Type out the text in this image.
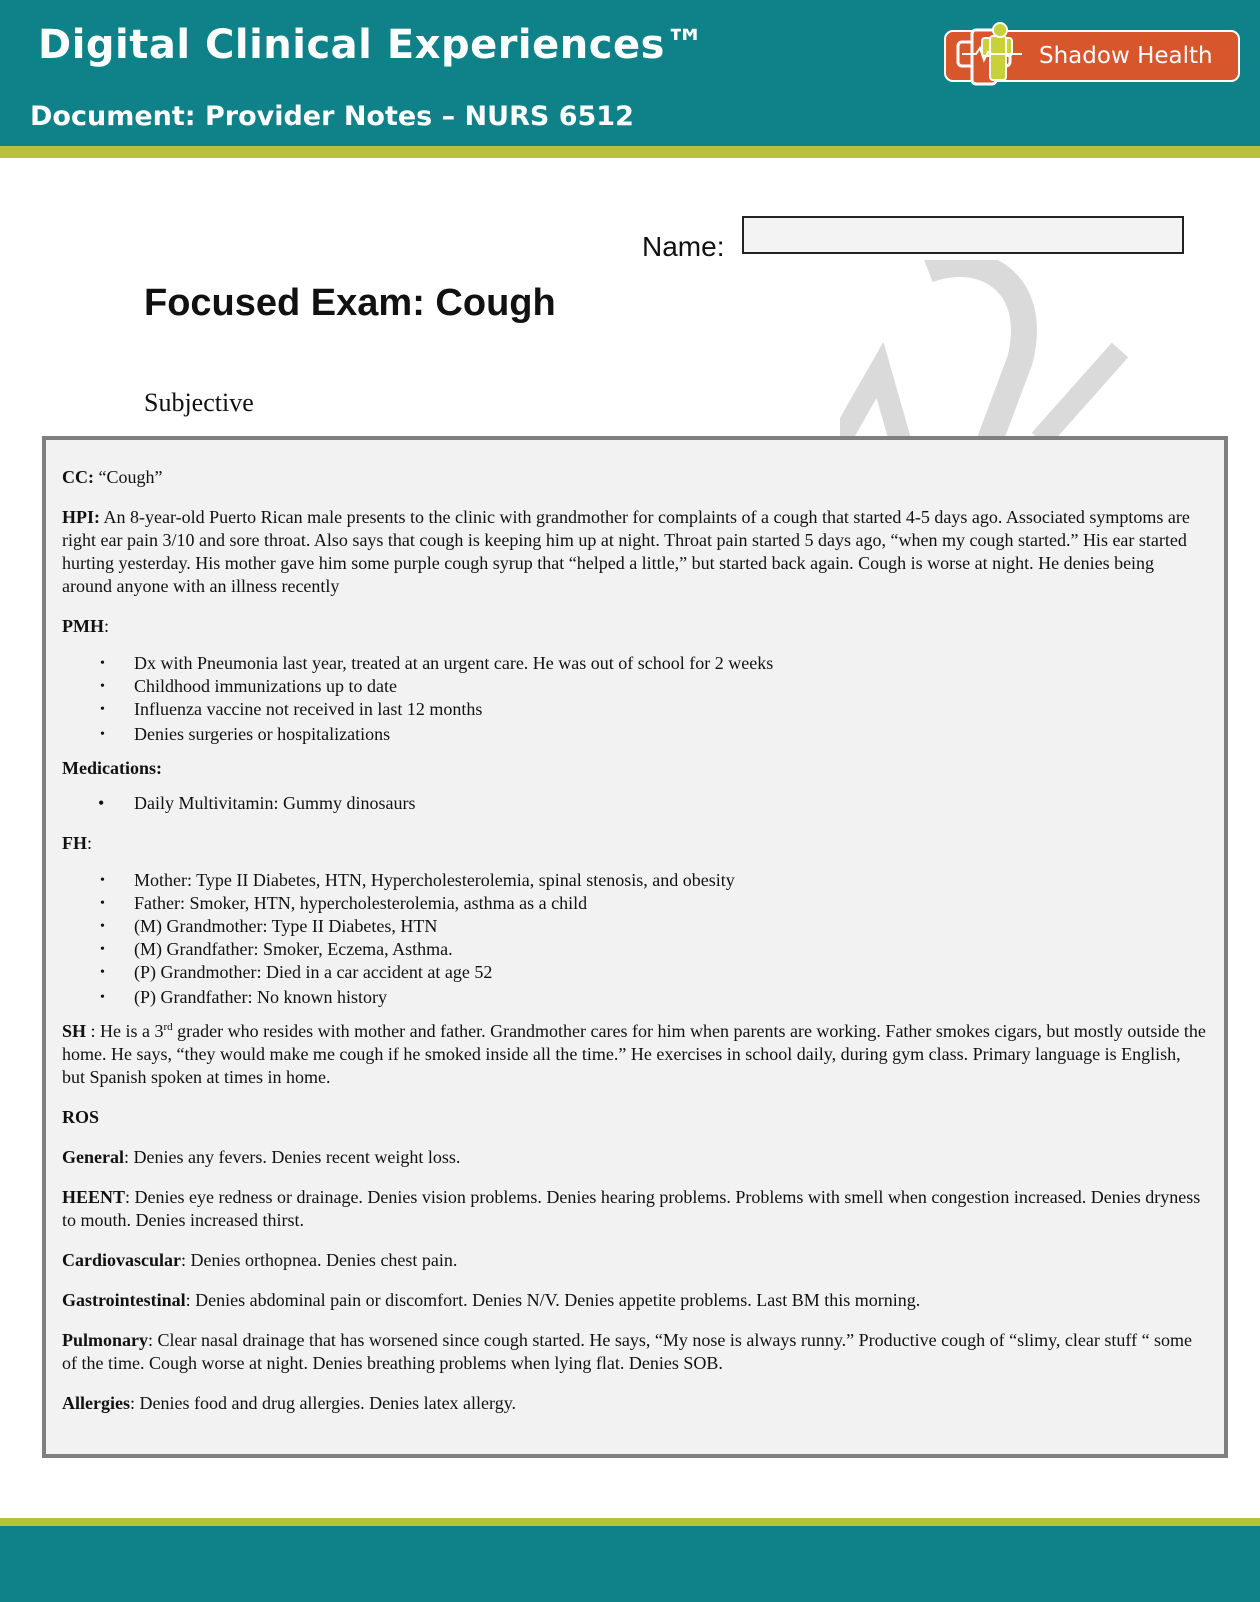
Digital Clinical Experiences™
Document: Provider Notes – NURS 6512
Shadow Health
Name:
Focused Exam: Cough
Subjective

CC: “Cough”

HPI: An 8-year-old Puerto Rican male presents to the clinic with grandmother for complaints of a cough that started 4-5 days ago. Associated symptoms are right ear pain 3/10 and sore throat. Also says that cough is keeping him up at night. Throat pain started 5 days ago, “when my cough started.” His ear started hurting yesterday. His mother gave him some purple cough syrup that “helped a little,” but started back again. Cough is worse at night. He denies being around anyone with an illness recently

PMH:

• Dx with Pneumonia last year, treated at an urgent care. He was out of school for 2 weeks
• Childhood immunizations up to date
• Influenza vaccine not received in last 12 months
• Denies surgeries or hospitalizations

Medications:

• Daily Multivitamin: Gummy dinosaurs

FH:

• Mother: Type II Diabetes, HTN, Hypercholesterolemia, spinal stenosis, and obesity
• Father: Smoker, HTN, hypercholesterolemia, asthma as a child
• (M) Grandmother: Type II Diabetes, HTN
• (M) Grandfather: Smoker, Eczema, Asthma.
• (P) Grandmother: Died in a car accident at age 52
• (P) Grandfather: No known history

SH : He is a 3rd grader who resides with mother and father. Grandmother cares for him when parents are working. Father smokes cigars, but mostly outside the home. He says, “they would make me cough if he smoked inside all the time.” He exercises in school daily, during gym class. Primary language is English, but Spanish spoken at times in home.

ROS

General: Denies any fevers. Denies recent weight loss.

HEENT: Denies eye redness or drainage. Denies vision problems. Denies hearing problems. Problems with smell when congestion increased. Denies dryness to mouth. Denies increased thirst.

Cardiovascular: Denies orthopnea. Denies chest pain.

Gastrointestinal: Denies abdominal pain or discomfort. Denies N/V. Denies appetite problems. Last BM this morning.

Pulmonary: Clear nasal drainage that has worsened since cough started. He says, “My nose is always runny.” Productive cough of “slimy, clear stuff “ some of the time. Cough worse at night. Denies breathing problems when lying flat. Denies SOB.

Allergies: Denies food and drug allergies. Denies latex allergy.
